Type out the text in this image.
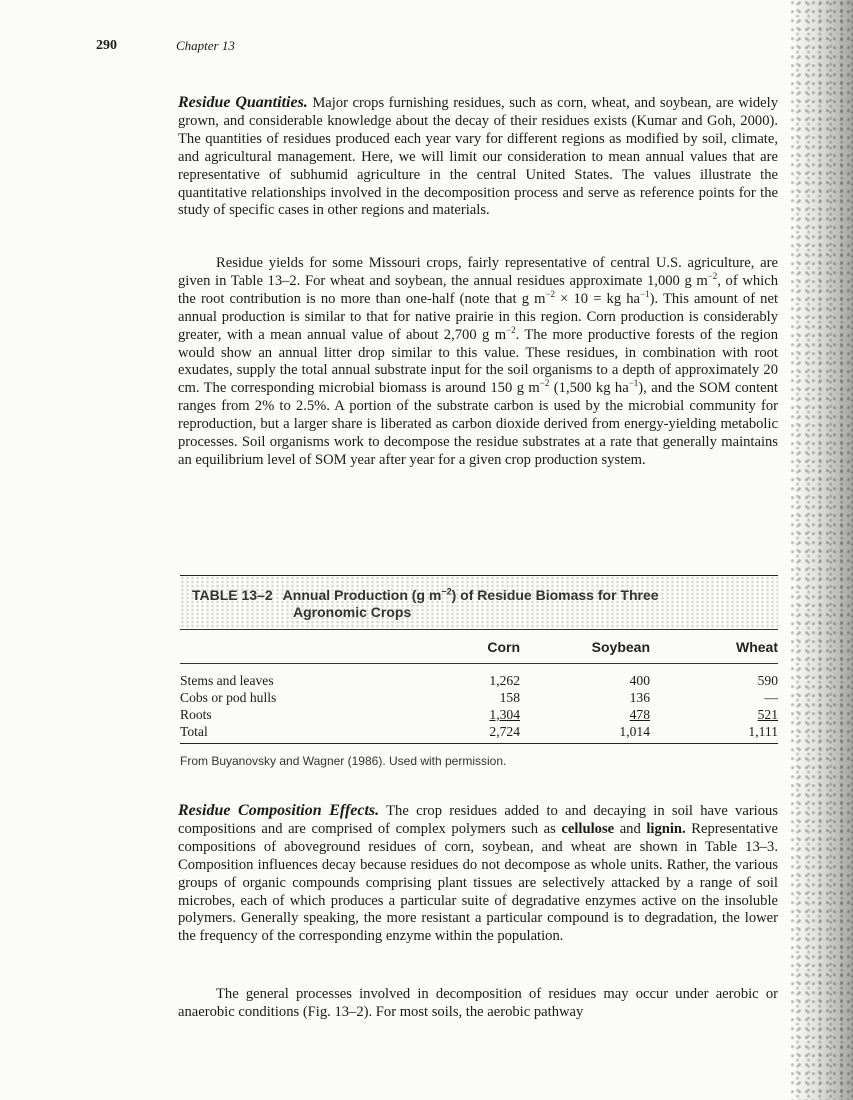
290	Chapter 13

Residue Quantities. Major crops furnishing residues, such as corn, wheat, and soybean, are widely grown, and considerable knowledge about the decay of their residues exists (Kumar and Goh, 2000). The quantities of residues produced each year vary for different regions as modified by soil, climate, and agricultural management. Here, we will limit our consideration to mean annual values that are representative of subhumid agriculture in the central United States. The values illustrate the quantitative relationships involved in the decomposition process and serve as reference points for the study of specific cases in other regions and materials.

Residue yields for some Missouri crops, fairly representative of central U.S. agriculture, are given in Table 13–2. For wheat and soybean, the annual residues approximate 1,000 g $m^{-2}$, of which the root contribution is no more than one-half (note that g $m^{-2} \times 10$ = kg $ha^{-1}$). This amount of net annual production is similar to that for native prairie in this region. Corn production is considerably greater, with a mean annual value of about 2,700 g $m^{-2}$. The more productive forests of the region would show an annual litter drop similar to this value. These residues, in combination with root exudates, supply the total annual substrate input for the soil organisms to a depth of approximately 20 cm. The corresponding microbial biomass is around 150 g $m^{-2}$ (1,500 kg $ha^{-1}$), and the SOM content ranges from 2% to 2.5%. A portion of the substrate carbon is used by the microbial community for reproduction, but a larger share is liberated as carbon dioxide derived from energy-yielding metabolic processes. Soil organisms work to decompose the residue substrates at a rate that generally maintains an equilibrium level of SOM year after year for a given crop production system.

TABLE 13–2 Annual Production (g $m^{-2}$) of Residue Biomass for Three
Agronomic Crops
	Corn	Soybean	Wheat
Stems and leaves	1,262	400	590
Cobs or pod hulls	158	136	—
Roots	1,304	478	521
Total	2,724	1,014	1,111
From Buyanovsky and Wagner (1986). Used with permission.

Residue Composition Effects. The crop residues added to and decaying in soil have various compositions and are comprised of complex polymers such as cellulose and lignin. Representative compositions of aboveground residues of corn, soybean, and wheat are shown in Table 13–3. Composition influences decay because residues do not decompose as whole units. Rather, the various groups of organic compounds comprising plant tissues are selectively attacked by a range of soil microbes, each of which produces a particular suite of degradative enzymes active on the insoluble polymers. Generally speaking, the more resistant a particular compound is to degradation, the lower the frequency of the corresponding enzyme within the population.

The general processes involved in decomposition of residues may occur under aerobic or anaerobic conditions (Fig. 13–2). For most soils, the aerobic pathway
